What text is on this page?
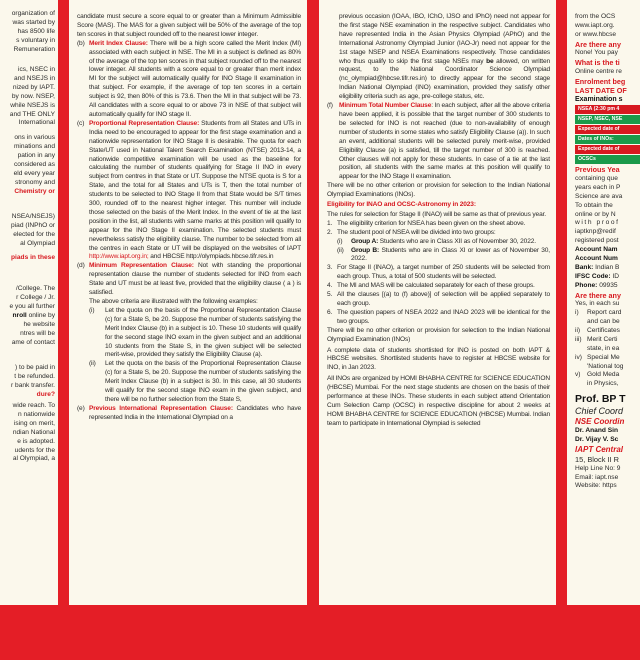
organization of
was started by
has 8500 life
s voluntary in
Remuneration
ics, NSEC in
and NSEJS in
nized by IAPT.
by now. NSEP,
while NSEJS is
and THE ONLY
International
ons in various
minations and
pation in any
considered as
eld every year
stronomy and
Chemistry or
NSEA/NSEJS)
piad (INPhO or
elected for the
al Olympiad
piads in these
/College. The
r College / Jr.
e you all further
nroll online by
he website
ntres will be
ame of contact
) to be paid in
t be refunded.
r bank transfer.
dure?
wide reach. To
n nationwide
ising on merit,
ndian National
e is adopted.
udents for the
al Olympiad, a

candidate must secure a score equal to or greater than a Minimum Admissible Score (MAS). The MAS for a given subject will be 50% of the average of the top ten scores in that subject rounded off to the nearest lower integer.

(b) Merit Index Clause: There will be a high score called the Merit Index (MI) associated with each subject in NSE. The MI in a subject is defined as 80% of the average of the top ten scores in that subject rounded off to the nearest lower integer. All students with a score equal to or greater than merit index MI for the subject will automatically qualify for INO Stage II examination in that subject. For example, if the average of top ten scores in a certain subject is 92, then 80% of this is 73.6. Then the MI in that subject will be 73. All candidates with a score equal to or above 73 in NSE of that subject will automatically qualify for INO stage II.

(c) Proportional Representation Clause: Students from all States and UTs in India need to be encouraged to appear for the first stage examination and a nationwide representation for INO Stage II is desirable. The quota for each State/UT used in National Talent Search Examination (NTSE) 2013-14, a nationwide competitive examination will be used as the baseline for calculating the number of students qualifying for Stage II INO in every subject from centres in that State or UT. Suppose the NTSE quota is S for a State, and the total for all States and UTs is T, then the total number of students to be selected to INO Stage II from that State would be S/T times 300, rounded off to the nearest higher integer. This number will include those selected on the basis of the Merit Index. In the event of tie at the last position in the list, all students with same marks at this position will qualify to appear for the INO Stage II examination. The selected students must nevertheless satisfy the eligibility clause. The number to be selected from all the centres in each State or UT will be displayed on the websites of IAPT http://www.iapt.org.in; and HBCSE http://olympiads.hbcse.tifr.res.in

(d) Minimum Representation Clause: Not with standing the proportional representation clause the number of students selected for INO from each State and UT must be at least five, provided that the eligibility clause ( a ) is satisfied.

The above criteria are illustrated with the following examples:

(i)	Let the quota on the basis of the Proportional Representation Clause (c) for a State S, be 20. Suppose the number of students satisfying the Merit Index Clause (b) in a subject is 10. These 10 students will qualify for the second stage INO exam in the given subject and an additional 10 students from the State S, in the given subject will be selected merit-wise, provided they satisfy the Eligibility Clause (a).

(ii)	Let the quota on the basis of the Proportional Representation Clause (c) for a State S, be 20. Suppose the number of students satisfying the Merit Index Clause (b) in a subject is 30. In this case, all 30 students will qualify for the second stage INO exam in the given subject, and there will be no further selection from the State S,

(e) Previous International Representation Clause: Candidates who have represented India in the International Olympiad on a

previous occasion (IOAA, IBO, IChO, IJSO and IPhO) need not appear for the first stage NSE examination in the respective subject. Candidates who have represented India in the Asian Physics Olympiad (APhO) and the International Astronomy Olympiad Junior (IAO-Jr) need not appear for the 1st stage NSEP and NSEA Examinations respectively. Those candidates who thus qualify to skip the first stage NSEs may be allowed, on written request, to the National Coordinator Science Olympiad (nc_olympiad@hbcse.tifr.res.in) to directly appear for the second stage Indian National Olympiad (INO) examination, provided they satisfy other eligibility criteria such as age, pre-college status, etc.

(f) Minimum Total Number Clause: In each subject, after all the above criteria have been applied, it is possible that the target number of 300 students to be selected for INO is not reached (due to non-availability of enough number of students in some states who satisfy Eligibility Clause (a)). In such an event, additional students will be selected purely merit-wise, provided Eligibility Clause (a) is satisfied, till the target number of 300 is reached. Other clauses will not apply for these students. In case of a tie at the last position, all students with the same marks at this position will qualify to appear for the INO Stage II examination.

There will be no other criterion or provision for selection to the Indian National Olympiad Examinations (INOs).

Eligibility for INAO and OCSC-Astronomy in 2023:

The rules for selection for Stage II (INAO) will be same as that of previous year.

1. The eligibility criterion for NSEA has been given on the sheet above.

2. The student pool of NSEA will be divided into two groups:

(i)	Group A: Students who are in Class XII as of November 30, 2022.

(ii)	Group B: Students who are in Class XI or lower as of November 30, 2022.

3. For Stage II (INAO), a target number of 250 students will be selected from each group. Thus, a total of 500 students will be selected.

4. The MI and MAS will be calculated separately for each of these groups.

5. All the clauses [(a) to (f) above)] of selection will be applied separately to each group.

6. The question papers of NSEA 2022 and INAO 2023 will be identical for the two groups.

There will be no other criterion or provision for selection to the Indian National Olympiad Examination (INOs)

A complete data of students shortlisted for INO is posted on both IAPT & HBCSE websites. Shortlisted students have to register at HBCSE website for INO, in Jan 2023.

All INOs are organized by HOMI BHABHA CENTRE for SCIENCE EDUCATION (HBCSE) Mumbai. For the next stage students are chosen on the basis of their performance at these INOs. These students in each subject attend Orientation Cum Selection Camp (OCSC) in respective discipline for about 2 weeks at HOMI BHABHA CENTRE for SCIENCE EDUCATION (HBCSE) Mumbai. Indian team to participate in International Olympiad is selected

from the OCS
www.iapt.org.
or www.hbcse
Are there any
None! You pay
What is the ti
Online centre re
Enrolment beg
LAST DATE OF
Examination s
NSEA (2:30 pm 4
NSEP, NSEC, NSE
Expected date of
Dates of INOs:
Expected date of
OCSCs
Previous Yea
containing que
years each in P
Science are ava
To obtain the
online or by N
with proof
iaptknp@redif
registered post
Account Nam
Account Num
Bank: Indian B
IFSC Code: ID
Phone: 09935
Are there any
Yes, in each su
i)	Report card
and can be
ii)	Certificates
iii) Merit Certi
state, in ea
iv) Special Me
'National tog
v) Gold Meda
in Physics,
Prof. BP T
Chief Coord
NSE Coordin
Dr. Anand Sin
Dr. Vijay V. Sc
IAPT Central
15, Block II R
Help Line No: 9
Email: iapt.nse
Website: https
